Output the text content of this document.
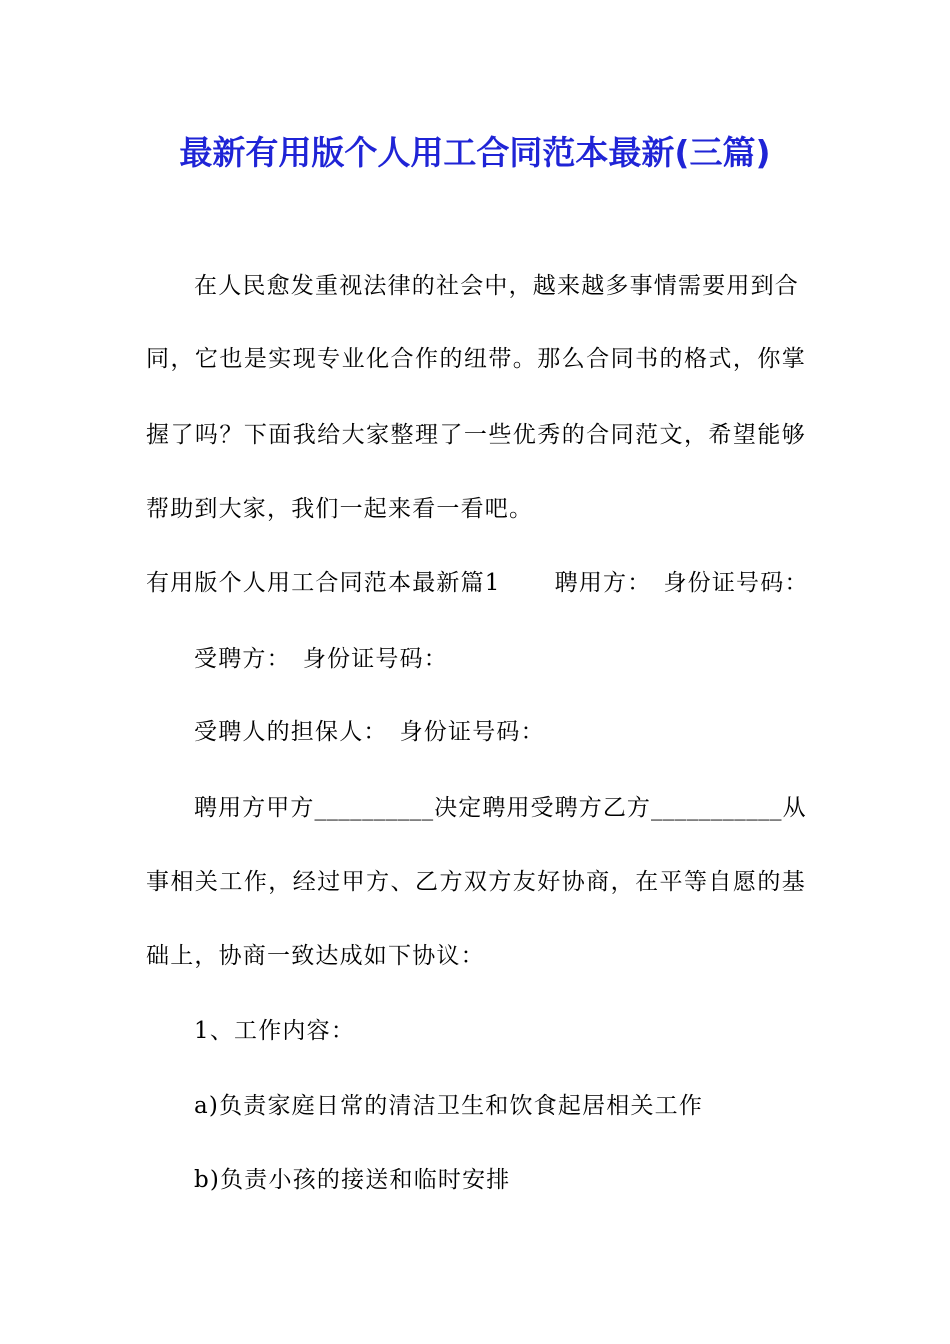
最新有用版个人用工合同范本最新(三篇)
在人民愈发重视法律的社会中，越来越多事情需要用到合
同，它也是实现专业化合作的纽带。那么合同书的格式，你掌
握了吗？下面我给大家整理了一些优秀的合同范文，希望能够
帮助到大家，我们一起来看一看吧。
有用版个人用工合同范本最新篇1 聘用方： 身份证号码：
受聘方： 身份证号码：
受聘人的担保人： 身份证号码：
聘用方甲方__________决定聘用受聘方乙方___________从
事相关工作，经过甲方、乙方双方友好协商，在平等自愿的基
础上，协商一致达成如下协议：
1、工作内容：
a)负责家庭日常的清洁卫生和饮食起居相关工作
b)负责小孩的接送和临时安排
